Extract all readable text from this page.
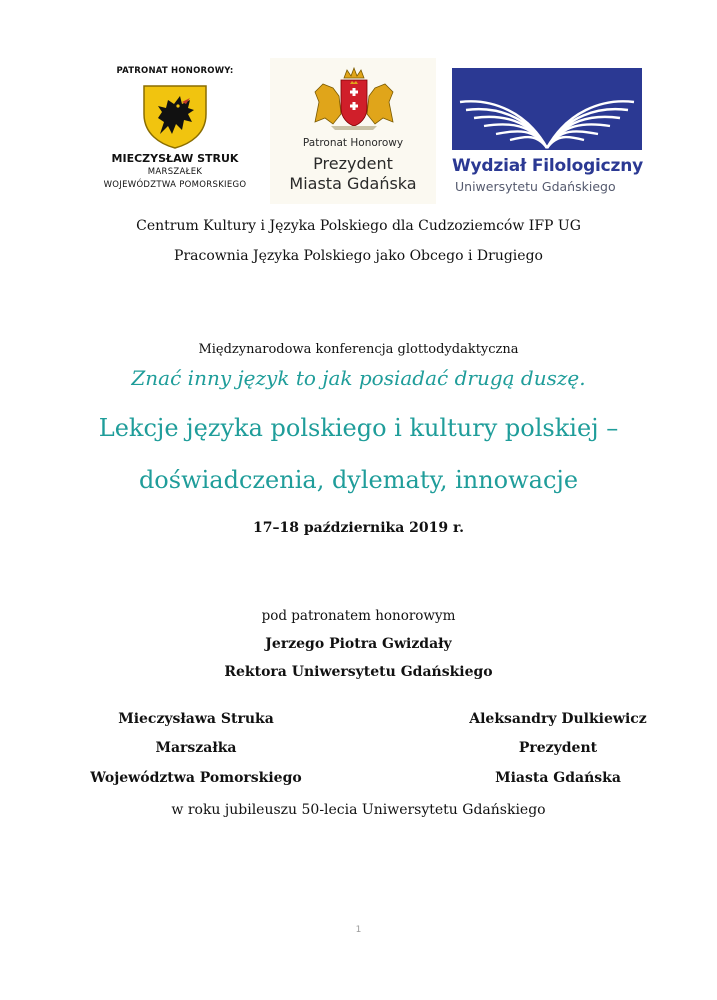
PATRONAT HONOROWY:
MIECZYSŁAW STRUK
MARSZAŁEK
WOJEWÓDZTWA POMORSKIEGO
Patronat Honorowy
Prezydent
Miasta Gdańska
Wydział Filologiczny
Uniwersytetu Gdańskiego
Centrum Kultury i Języka Polskiego dla Cudzoziemców IFP UG
Pracownia Języka Polskiego jako Obcego i Drugiego
Międzynarodowa konferencja glottodydaktyczna
Znać inny język to jak posiadać drugą duszę.
Lekcje języka polskiego i kultury polskiej –
doświadczenia, dylematy, innowacje
17–18 października 2019 r.
pod patronatem honorowym
Jerzego Piotra Gwizdały
Rektora Uniwersytetu Gdańskiego
Mieczysława Struka
Marszałka
Województwa Pomorskiego
Aleksandry Dulkiewicz
Prezydent
Miasta Gdańska
w roku jubileuszu 50-lecia Uniwersytetu Gdańskiego
1
